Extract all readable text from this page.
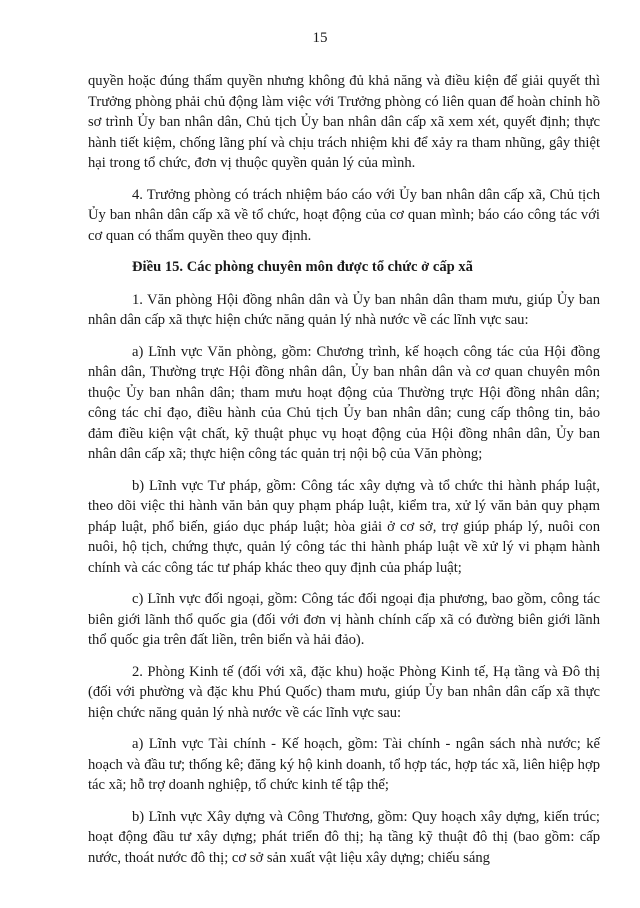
15

quyền hoặc đúng thẩm quyền nhưng không đủ khả năng và điều kiện để giải quyết thì Trưởng phòng phải chủ động làm việc với Trưởng phòng có liên quan để hoàn chỉnh hồ sơ trình Ủy ban nhân dân, Chủ tịch Ủy ban nhân dân cấp xã xem xét, quyết định; thực hành tiết kiệm, chống lãng phí và chịu trách nhiệm khi để xảy ra tham nhũng, gây thiệt hại trong tổ chức, đơn vị thuộc quyền quản lý của mình.

4. Trưởng phòng có trách nhiệm báo cáo với Ủy ban nhân dân cấp xã, Chủ tịch Ủy ban nhân dân cấp xã về tổ chức, hoạt động của cơ quan mình; báo cáo công tác với cơ quan có thẩm quyền theo quy định.

Điều 15. Các phòng chuyên môn được tổ chức ở cấp xã

1. Văn phòng Hội đồng nhân dân và Ủy ban nhân dân tham mưu, giúp Ủy ban nhân dân cấp xã thực hiện chức năng quản lý nhà nước về các lĩnh vực sau:

a) Lĩnh vực Văn phòng, gồm: Chương trình, kế hoạch công tác của Hội đồng nhân dân, Thường trực Hội đồng nhân dân, Ủy ban nhân dân và cơ quan chuyên môn thuộc Ủy ban nhân dân; tham mưu hoạt động của Thường trực Hội đồng nhân dân; công tác chỉ đạo, điều hành của Chủ tịch Ủy ban nhân dân; cung cấp thông tin, bảo đảm điều kiện vật chất, kỹ thuật phục vụ hoạt động của Hội đồng nhân dân, Ủy ban nhân dân cấp xã; thực hiện công tác quản trị nội bộ của Văn phòng;

b) Lĩnh vực Tư pháp, gồm: Công tác xây dựng và tổ chức thi hành pháp luật, theo dõi việc thi hành văn bản quy phạm pháp luật, kiểm tra, xử lý văn bản quy phạm pháp luật, phổ biến, giáo dục pháp luật; hòa giải ở cơ sở, trợ giúp pháp lý, nuôi con nuôi, hộ tịch, chứng thực, quản lý công tác thi hành pháp luật về xử lý vi phạm hành chính và các công tác tư pháp khác theo quy định của pháp luật;

c) Lĩnh vực đối ngoại, gồm: Công tác đối ngoại địa phương, bao gồm, công tác biên giới lãnh thổ quốc gia (đối với đơn vị hành chính cấp xã có đường biên giới lãnh thổ quốc gia trên đất liền, trên biển và hải đảo).

2. Phòng Kinh tế (đối với xã, đặc khu) hoặc Phòng Kinh tế, Hạ tầng và Đô thị (đối với phường và đặc khu Phú Quốc) tham mưu, giúp Ủy ban nhân dân cấp xã thực hiện chức năng quản lý nhà nước về các lĩnh vực sau:

a) Lĩnh vực Tài chính - Kế hoạch, gồm: Tài chính - ngân sách nhà nước; kế hoạch và đầu tư; thống kê; đăng ký hộ kinh doanh, tổ hợp tác, hợp tác xã, liên hiệp hợp tác xã; hỗ trợ doanh nghiệp, tổ chức kinh tế tập thể;

b) Lĩnh vực Xây dựng và Công Thương, gồm: Quy hoạch xây dựng, kiến trúc; hoạt động đầu tư xây dựng; phát triển đô thị; hạ tầng kỹ thuật đô thị (bao gồm: cấp nước, thoát nước đô thị; cơ sở sản xuất vật liệu xây dựng; chiếu sáng
